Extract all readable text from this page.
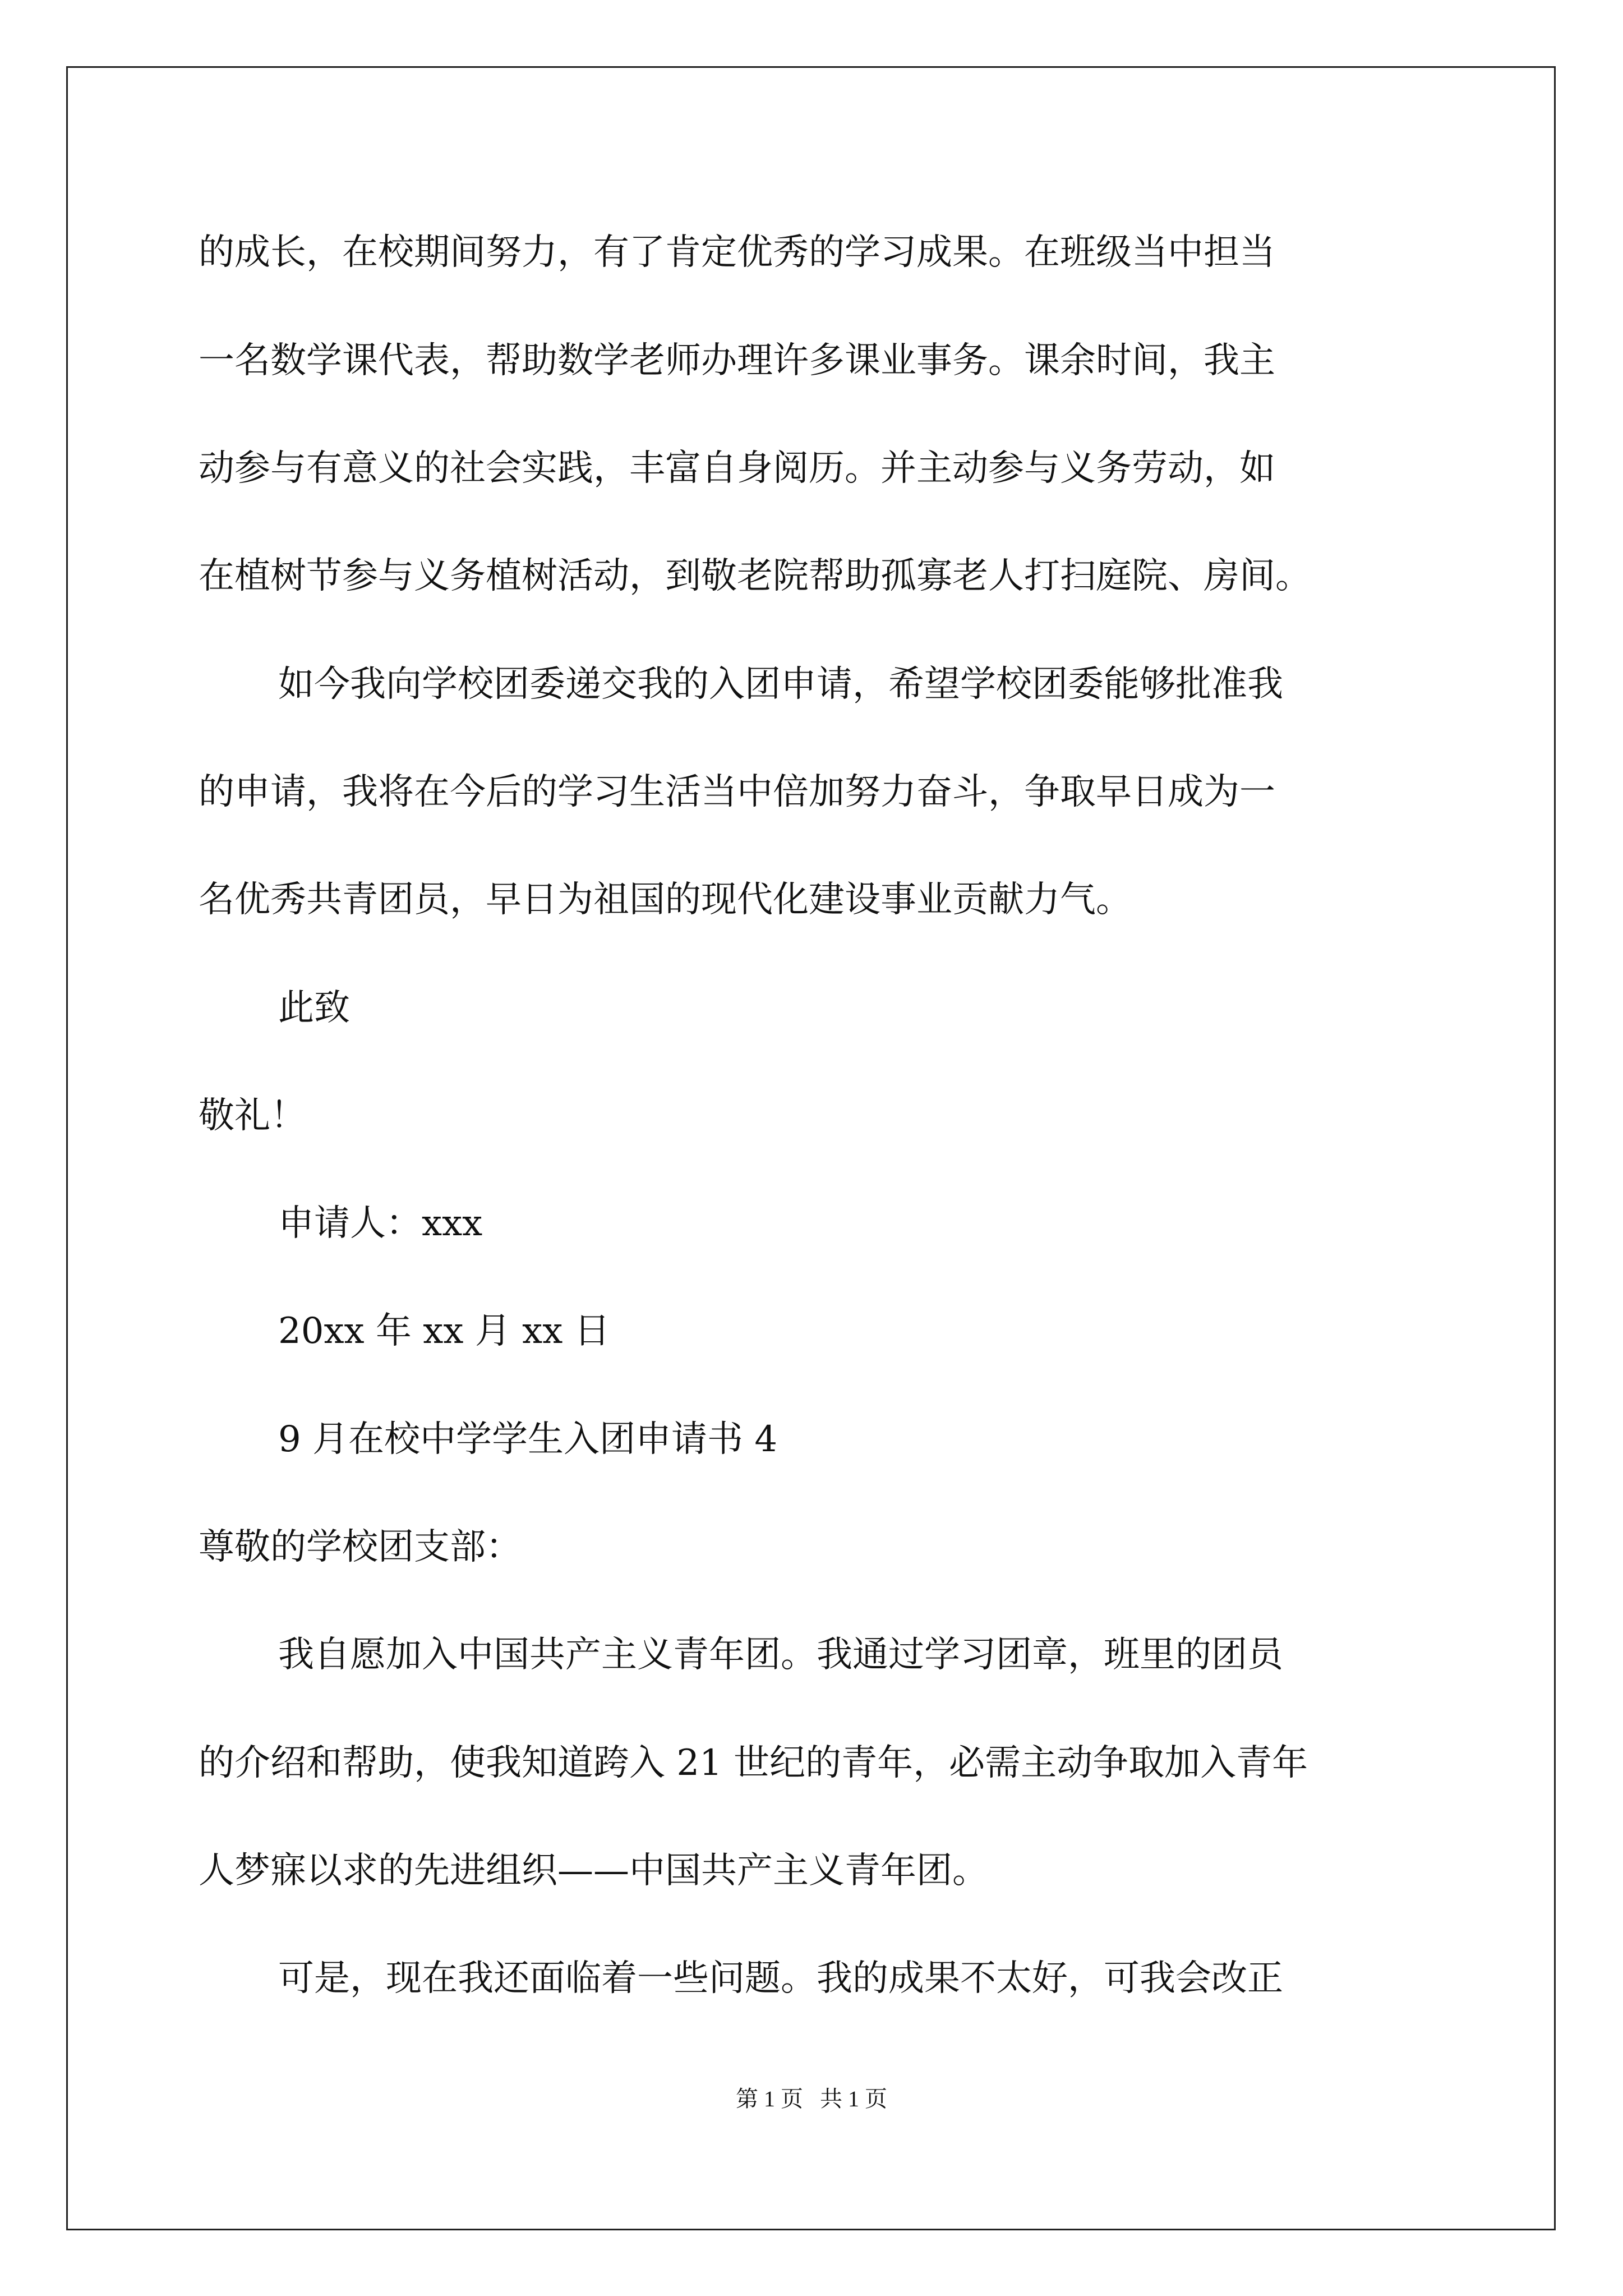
的成长，在校期间努力，有了肯定优秀的学习成果。在班级当中担当
一名数学课代表，帮助数学老师办理许多课业事务。课余时间，我主
动参与有意义的社会实践，丰富自身阅历。并主动参与义务劳动，如
在植树节参与义务植树活动，到敬老院帮助孤寡老人打扫庭院、房间。
如今我向学校团委递交我的入团申请，希望学校团委能够批准我
的申请，我将在今后的学习生活当中倍加努力奋斗，争取早日成为一
名优秀共青团员，早日为祖国的现代化建设事业贡献力气。
此致
敬礼！
申请人：xxx
20xx 年 xx 月 xx 日
9 月在校中学学生入团申请书 4
尊敬的学校团支部：
我自愿加入中国共产主义青年团。我通过学习团章，班里的团员
的介绍和帮助，使我知道跨入 21 世纪的青年，必需主动争取加入青年
人梦寐以求的先进组织——中国共产主义青年团。
可是，现在我还面临着一些问题。我的成果不太好，可我会改正
第 1 页 共 1 页
